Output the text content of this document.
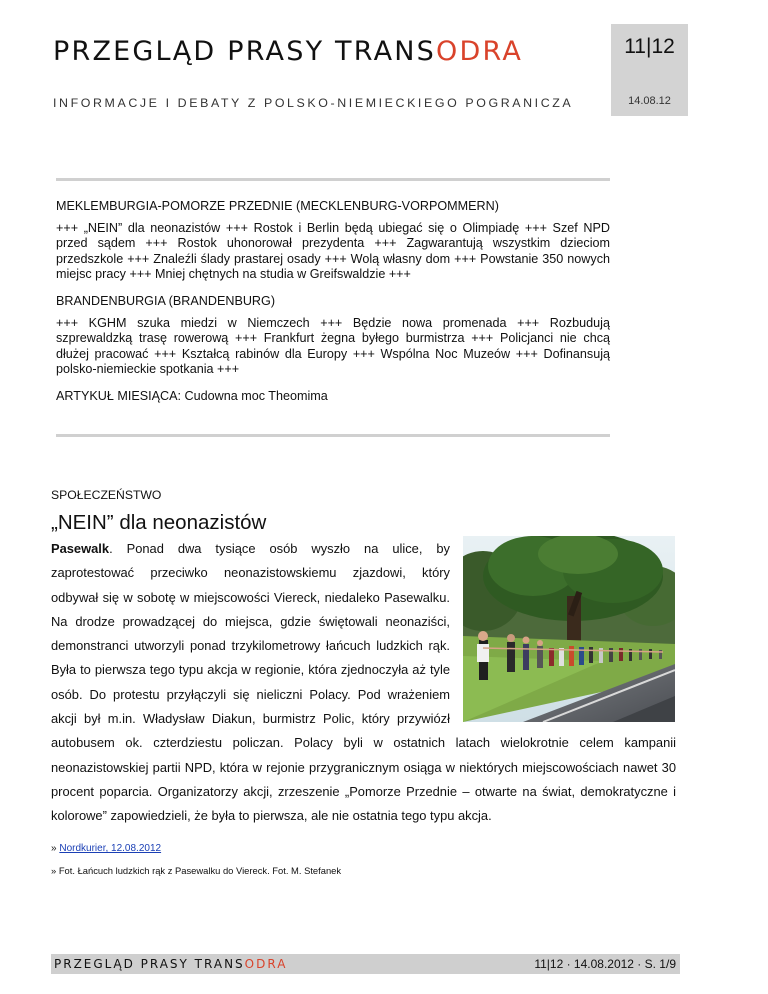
PRZEGLĄD PRASY TRANSODRA
INFORMACJE I DEBATY Z POLSKO-NIEMIECKIEGO POGRANICZA
11|12
14.08.12
MEKLEMBURGIA-POMORZE PRZEDNIE (MECKLENBURG-VORPOMMERN)
+++ „NEIN” dla neonazistów +++ Rostok i Berlin będą ubiegać się o Olimpiadę +++ Szef NPD przed sądem +++ Rostok uhonorował prezydenta +++ Zagwarantują wszystkim dzieciom przedszkole +++ Znaleźli ślady prastarej osady +++ Wolą własny dom +++ Powstanie 350 nowych miejsc pracy +++ Mniej chętnych na studia w Greifswaldzie +++
BRANDENBURGIA (BRANDENBURG)
+++ KGHM szuka miedzi w Niemczech +++ Będzie nowa promenada +++ Rozbudują szprewaldzką trasę rowerową +++ Frankfurt żegna byłego burmistrza +++ Policjanci nie chcą dłużej pracować +++ Kształcą rabinów dla Europy +++ Wspólna Noc Muzeów +++ Dofinansują polsko-niemieckie spotkania +++
ARTYKUŁ MIESIĄCA: Cudowna moc Theomima
SPOŁECZEŃSTWO
„NEIN” dla neonazistów
Pasewalk. Ponad dwa tysiące osób wyszło na ulice, by zaprotestować przeciwko neonazistowskiemu zjazdowi, który odbywał się w sobotę w miejscowości Viereck, niedaleko Pasewalku. Na drodze prowadzącej do miejsca, gdzie świętowali neonaziści, demonstranci utworzyli ponad trzykilometrowy łańcuch ludzkich rąk. Była to pierwsza tego typu akcja w regionie, która zjednoczyła aż tyle osób. Do protestu przyłączyli się nieliczni Polacy. Pod wrażeniem akcji był m.in. Władysław Diakun, burmistrz Polic, który przywiózł autobusem ok. czterdziestu policzan. Polacy byli w ostatnich latach wielokrotnie celem kampanii neonazistowskiej partii NPD, która w rejonie przygranicznym osiąga w niektórych miejscowościach nawet 30 procent poparcia. Organizatorzy akcji, zrzeszenie „Pomorze Przednie – otwarte na świat, demokratyczne i kolorowe” zapowiedzieli, że była to pierwsza, ale nie ostatnia tego typu akcja.
» Nordkurier, 12.08.2012
» Fot. Łańcuch ludzkich rąk z Pasewalku do Viereck. Fot. M. Stefanek
PRZEGLĄD PRASY TRANSODRA	11|12 · 14.08.2012 · S. 1/9
